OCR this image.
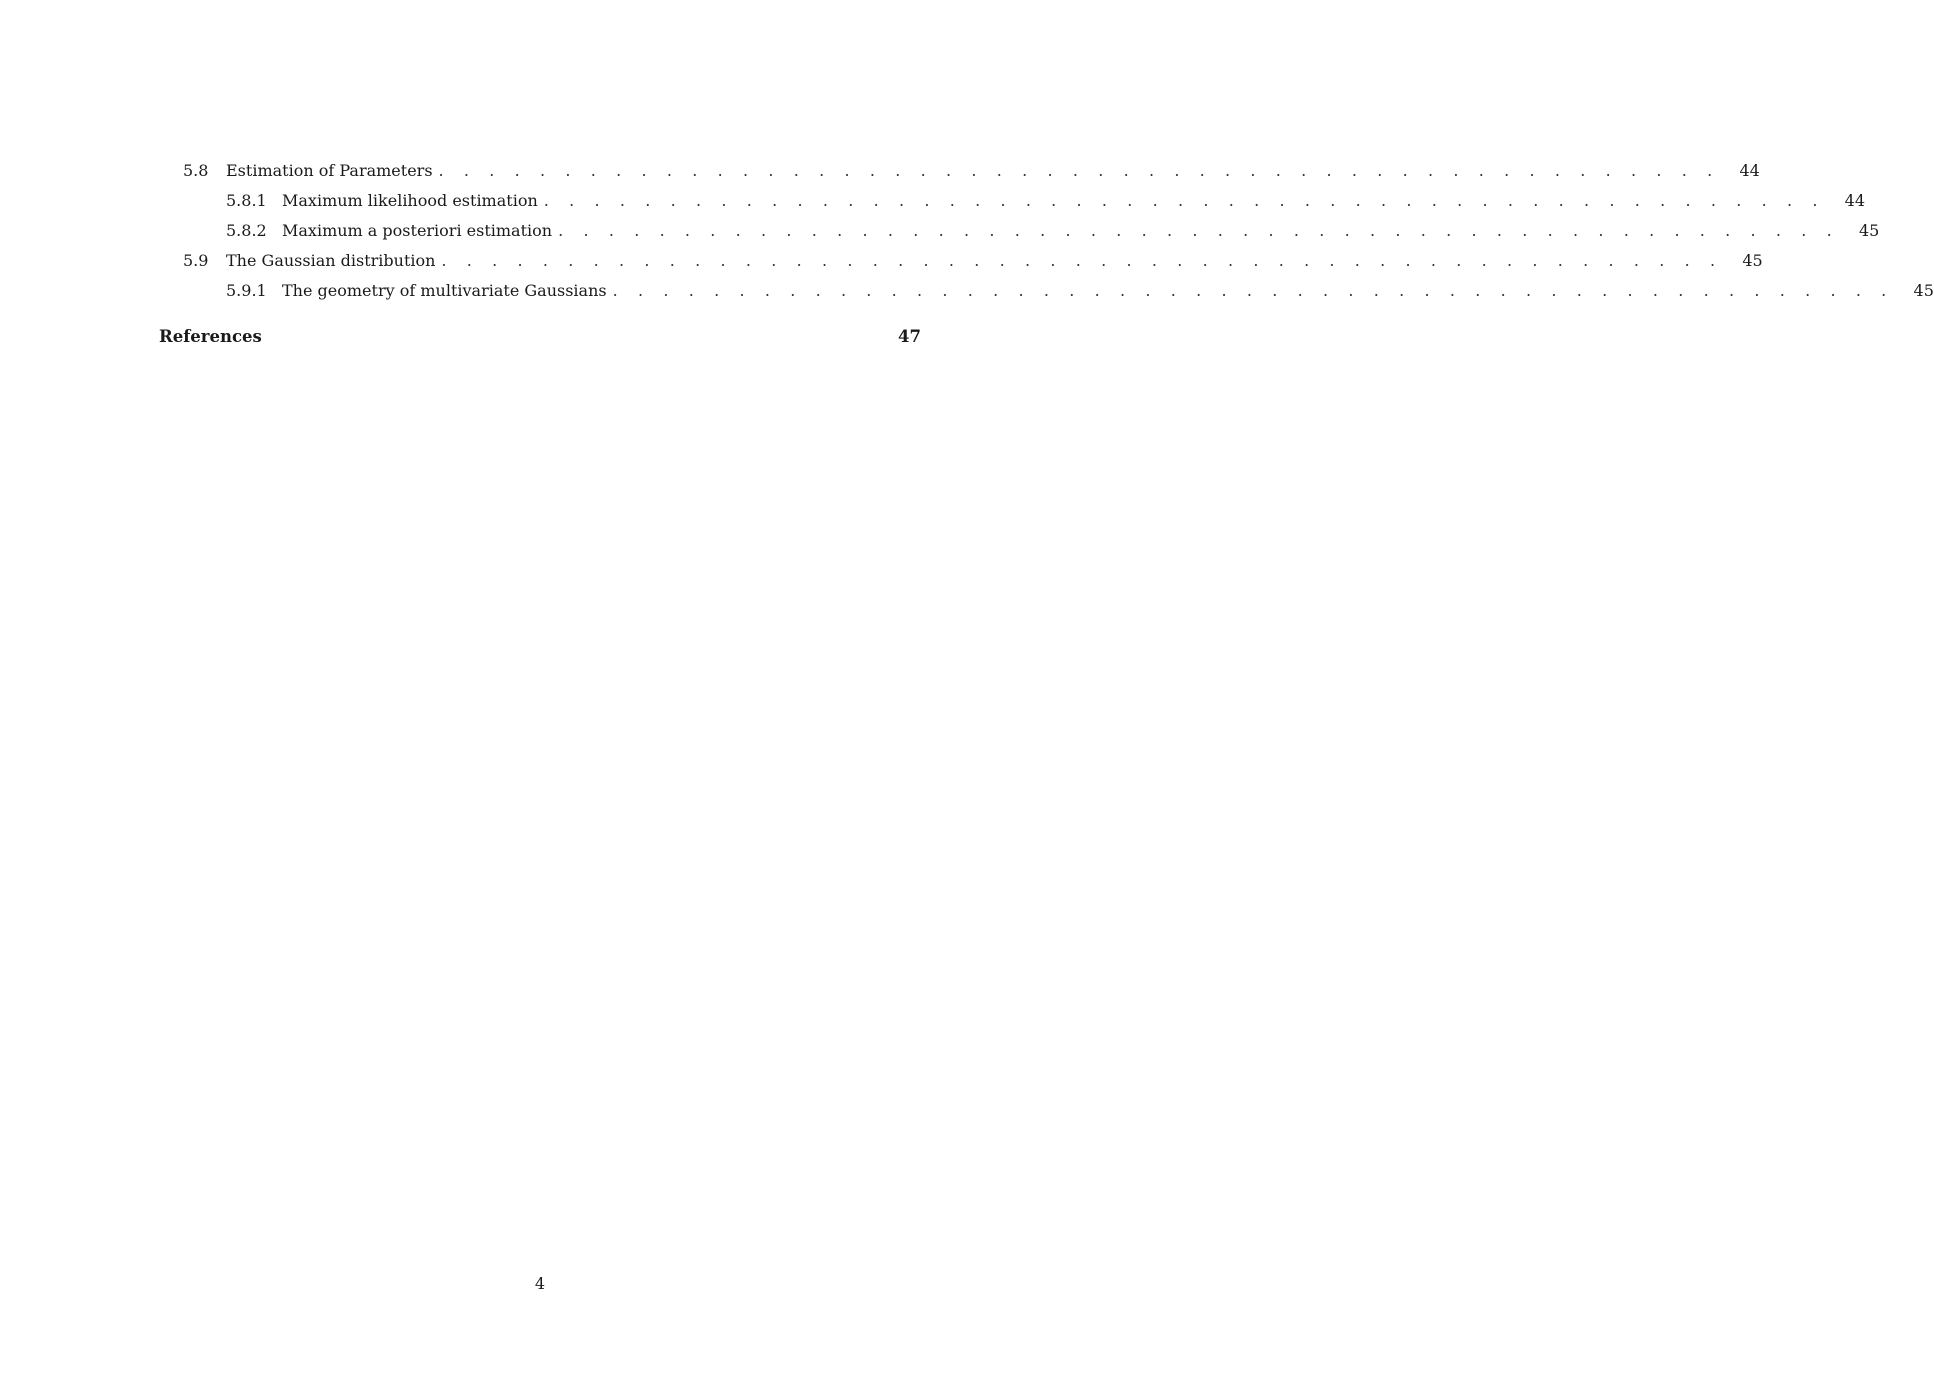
5.8	Estimation of Parameters . . . . . . . . . . . . . . . . . . . . . . . . . . . . . . . . . . . . . . . . . . . . . . . . . . .	44
5.8.1 Maximum likelihood estimation . . . . . . . . . . . . . . . . . . . . . . . . . . . . . . . . . . . . . . . . . . . . . . . . . . .	44
5.8.2 Maximum a posteriori estimation . . . . . . . . . . . . . . . . . . . . . . . . . . . . . . . . . . . . . . . . . . . . . . . . . . .	45
5.9	The Gaussian distribution . . . . . . . . . . . . . . . . . . . . . . . . . . . . . . . . . . . . . . . . . . . . . . . . . . .	45
5.9.1 The geometry of multivariate Gaussians . . . . . . . . . . . . . . . . . . . . . . . . . . . . . . . . . . . . . . . . . . . . . . . . . . .	45
References	47
4
